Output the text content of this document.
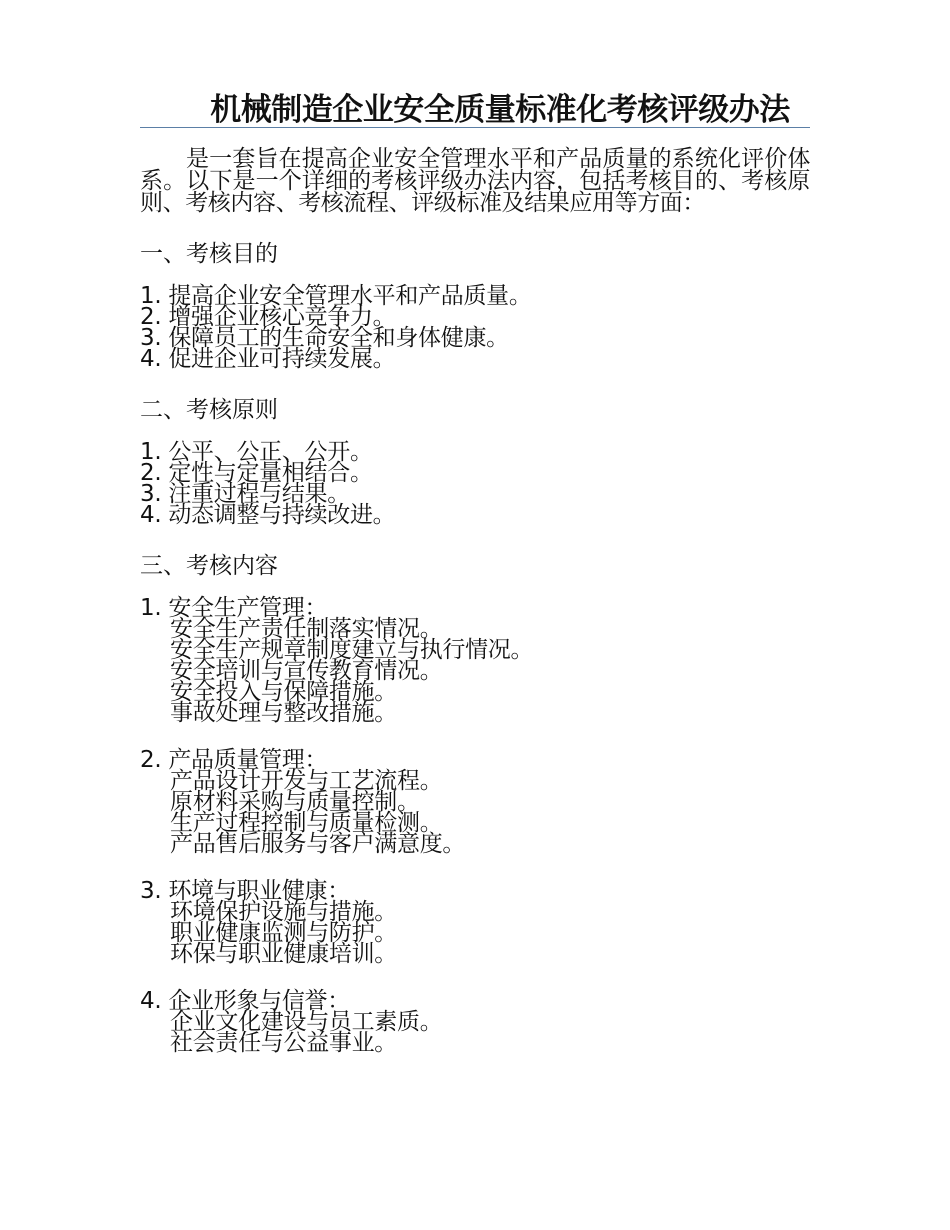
机械制造企业安全质量标准化考核评级办法

是一套旨在提高企业安全管理水平和产品质量的系统化评价体系。以下是一个详细的考核评级办法内容，包括考核目的、考核原则、考核内容、考核流程、评级标准及结果应用等方面：

一、考核目的
1. 提高企业安全管理水平和产品质量。
2. 增强企业核心竞争力。
3. 保障员工的生命安全和身体健康。
4. 促进企业可持续发展。
二、考核原则
1. 公平、公正、公开。
2. 定性与定量相结合。
3. 注重过程与结果。
4. 动态调整与持续改进。
三、考核内容
1. 安全生产管理：
安全生产责任制落实情况。
安全生产规章制度建立与执行情况。
安全培训与宣传教育情况。
安全投入与保障措施。
事故处理与整改措施。
2. 产品质量管理：
产品设计开发与工艺流程。
原材料采购与质量控制。
生产过程控制与质量检测。
产品售后服务与客户满意度。
3. 环境与职业健康：
环境保护设施与措施。
职业健康监测与防护。
环保与职业健康培训。
4. 企业形象与信誉：
企业文化建设与员工素质。
社会责任与公益事业。
